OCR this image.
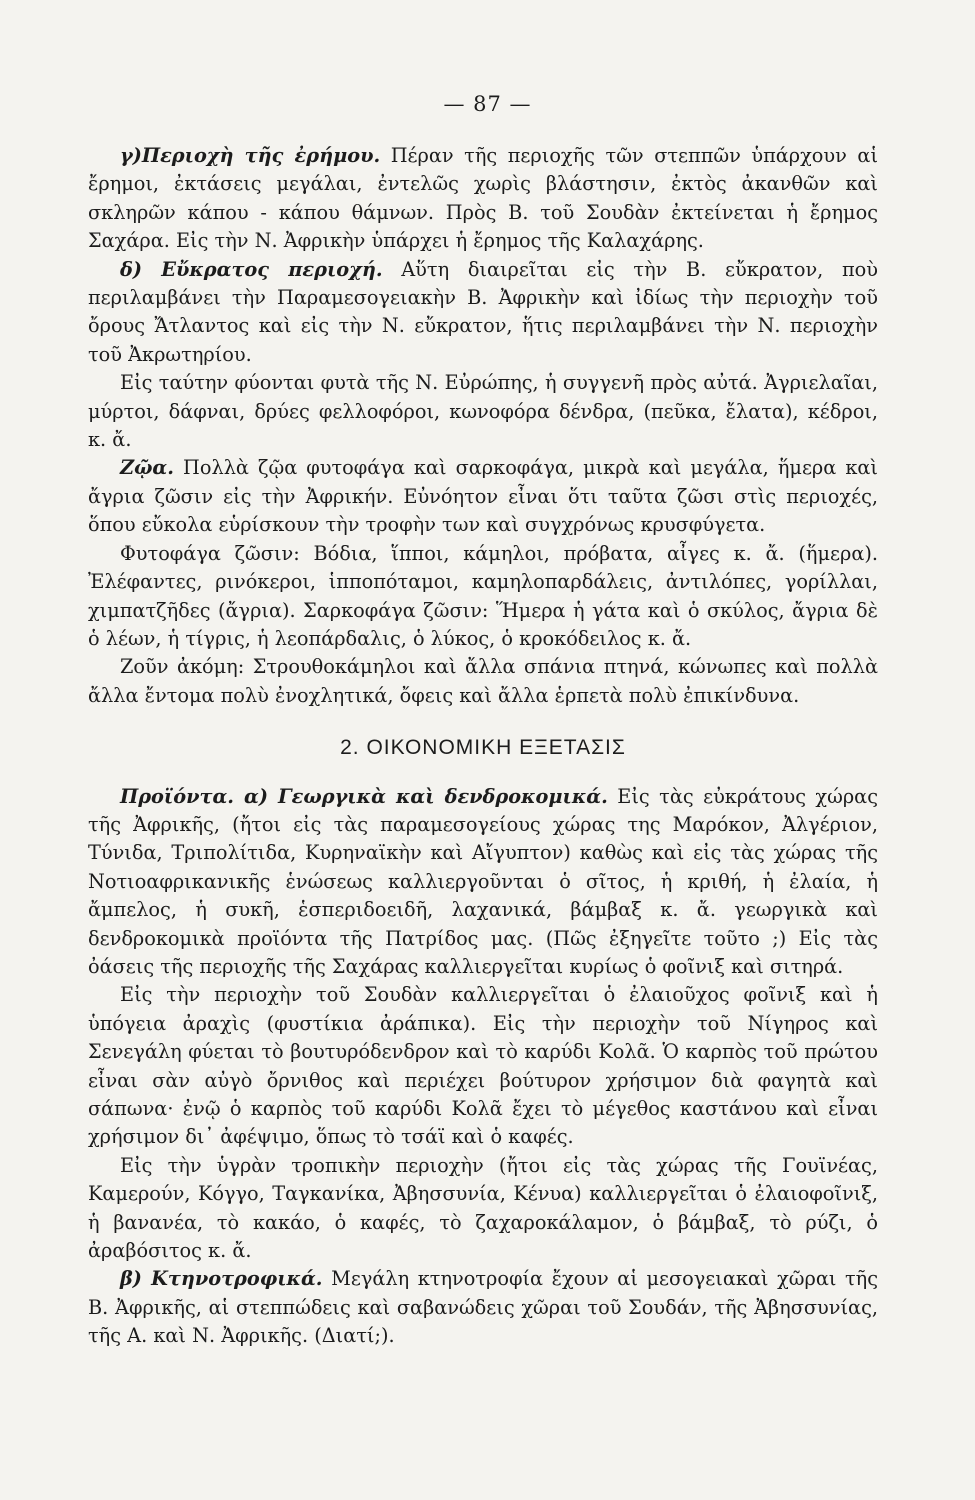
— 87 —

γ)Περιοχὴ τῆς ἐρήμου. Πέραν τῆς περιοχῆς τῶν στεππῶν ὑπάρχουν αἱ ἔρημοι, ἐκτάσεις μεγάλαι, ἐντελῶς χωρὶς βλάστησιν, ἐκτὸς ἀκανθῶν καὶ σκληρῶν κάπου - κάπου θάμνων. Πρὸς Β. τοῦ Σουδὰν ἐκτείνεται ἡ ἔρημος Σαχάρα. Εἰς τὴν Ν. Ἀφρικὴν ὑπάρχει ἡ ἔρημος τῆς Καλαχάρης.

δ) Εὔκρατος περιοχή. Αὕτη διαιρεῖται εἰς τὴν Β. εὔκρατον, ποὺ περιλαμβάνει τὴν Παραμεσογειακὴν Β. Ἀφρικὴν καὶ ἰδίως τὴν περιοχὴν τοῦ ὄρους Ἄτλαντος καὶ εἰς τὴν Ν. εὔκρατον, ἥτις περιλαμβάνει τὴν Ν. περιοχὴν τοῦ Ἀκρωτηρίου.

Εἰς ταύτην φύονται φυτὰ τῆς Ν. Εὐρώπης, ἡ συγγενῆ πρὸς αὐτά. Ἀγριελαῖαι, μύρτοι, δάφναι, δρύες φελλοφόροι, κωνοφόρα δένδρα, (πεῦκα, ἔλατα), κέδροι, κ. ἄ.

Ζῷα. Πολλὰ ζῷα φυτοφάγα καὶ σαρκοφάγα, μικρὰ καὶ μεγάλα, ἥμερα καὶ ἄγρια ζῶσιν εἰς τὴν Ἀφρικήν. Εὐνόητον εἶναι ὅτι ταῦτα ζῶσι στὶς περιοχές, ὅπου εὔκολα εὑρίσκουν τὴν τροφὴν των καὶ συγχρόνως κρυσφύγετα.

Φυτοφάγα ζῶσιν: Βόδια, ἵπποι, κάμηλοι, πρόβατα, αἶγες κ. ἄ. (ἥμερα). Ἐλέφαντες, ρινόκεροι, ἱπποπόταμοι, καμηλοπαρδάλεις, ἀντιλόπες, γορίλλαι, χιμπατζῆδες (ἄγρια). Σαρκοφάγα ζῶσιν: Ἥμερα ἡ γάτα καὶ ὁ σκύλος, ἄγρια δὲ ὁ λέων, ἡ τίγρις, ἡ λεοπάρδαλις, ὁ λύκος, ὁ κροκόδειλος κ. ἄ.

Ζοῦν ἀκόμη: Στρουθοκάμηλοι καὶ ἄλλα σπάνια πτηνά, κώνωπες καὶ πολλὰ ἄλλα ἔντομα πολὺ ἐνοχλητικά, ὄφεις καὶ ἄλλα ἑρπετὰ πολὺ ἐπικίνδυνα.

2. ΟΙΚΟΝΟΜΙΚΗ ΕΞΕΤΑΣΙΣ

Προϊόντα. α) Γεωργικὰ καὶ δενδροκομικά. Εἰς τὰς εὐκράτους χώρας τῆς Ἀφρικῆς, (ἤτοι εἰς τὰς παραμεσογείους χώρας της Μαρόκον, Ἀλγέριον, Τύνιδα, Τριπολίτιδα, Κυρηναϊκὴν καὶ Αἴγυπτον) καθὼς καὶ εἰς τὰς χώρας τῆς Νοτιοαφρικανικῆς ἑνώσεως καλλιεργοῦνται ὁ σῖτος, ἡ κριθή, ἡ ἐλαία, ἡ ἄμπελος, ἡ συκῆ, ἑσπεριδοειδῆ, λαχανικά, βάμβαξ κ. ἄ. γεωργικὰ καὶ δενδροκομικὰ προϊόντα τῆς Πατρίδος μας. (Πῶς ἐξηγεῖτε τοῦτο ;) Εἰς τὰς ὀάσεις τῆς περιοχῆς τῆς Σαχάρας καλλιεργεῖται κυρίως ὁ φοῖνιξ καὶ σιτηρά.

Εἰς τὴν περιοχὴν τοῦ Σουδὰν καλλιεργεῖται ὁ ἐλαιοῦχος φοῖνιξ καὶ ἡ ὑπόγεια ἀραχὶς (φυστίκια ἀράπικα). Εἰς τὴν περιοχὴν τοῦ Νίγηρος καὶ Σενεγάλη φύεται τὸ βουτυρόδενδρον καὶ τὸ καρύδι Κολᾶ. Ὁ καρπὸς τοῦ πρώτου εἶναι σὰν αὐγὸ ὄρνιθος καὶ περιέχει βούτυρον χρήσιμον διὰ φαγητὰ καὶ σάπωνα· ἐνῷ ὁ καρπὸς τοῦ καρύδι Κολᾶ ἔχει τὸ μέγεθος καστάνου καὶ εἶναι χρήσιμον δι᾽ ἀφέψιμο, ὅπως τὸ τσάϊ καὶ ὁ καφές.

Εἰς τὴν ὑγρὰν τροπικὴν περιοχὴν (ἤτοι εἰς τὰς χώρας τῆς Γουϊνέας, Καμερούν, Κόγγο, Ταγκανίκα, Ἀβησσυνία, Κένυα) καλλιεργεῖται ὁ ἐλαιοφοῖνιξ, ἡ βανανέα, τὸ κακάο, ὁ καφές, τὸ ζαχαροκάλαμον, ὁ βάμβαξ, τὸ ρύζι, ὁ ἀραβόσιτος κ. ἄ.

β) Κτηνοτροφικά. Μεγάλη κτηνοτροφία ἔχουν αἱ μεσογειακαὶ χῶραι τῆς Β. Ἀφρικῆς, αἱ στεππώδεις καὶ σαβανώδεις χῶραι τοῦ Σουδάν, τῆς Ἀβησσυνίας, τῆς Α. καὶ Ν. Ἀφρικῆς. (Διατί;).
